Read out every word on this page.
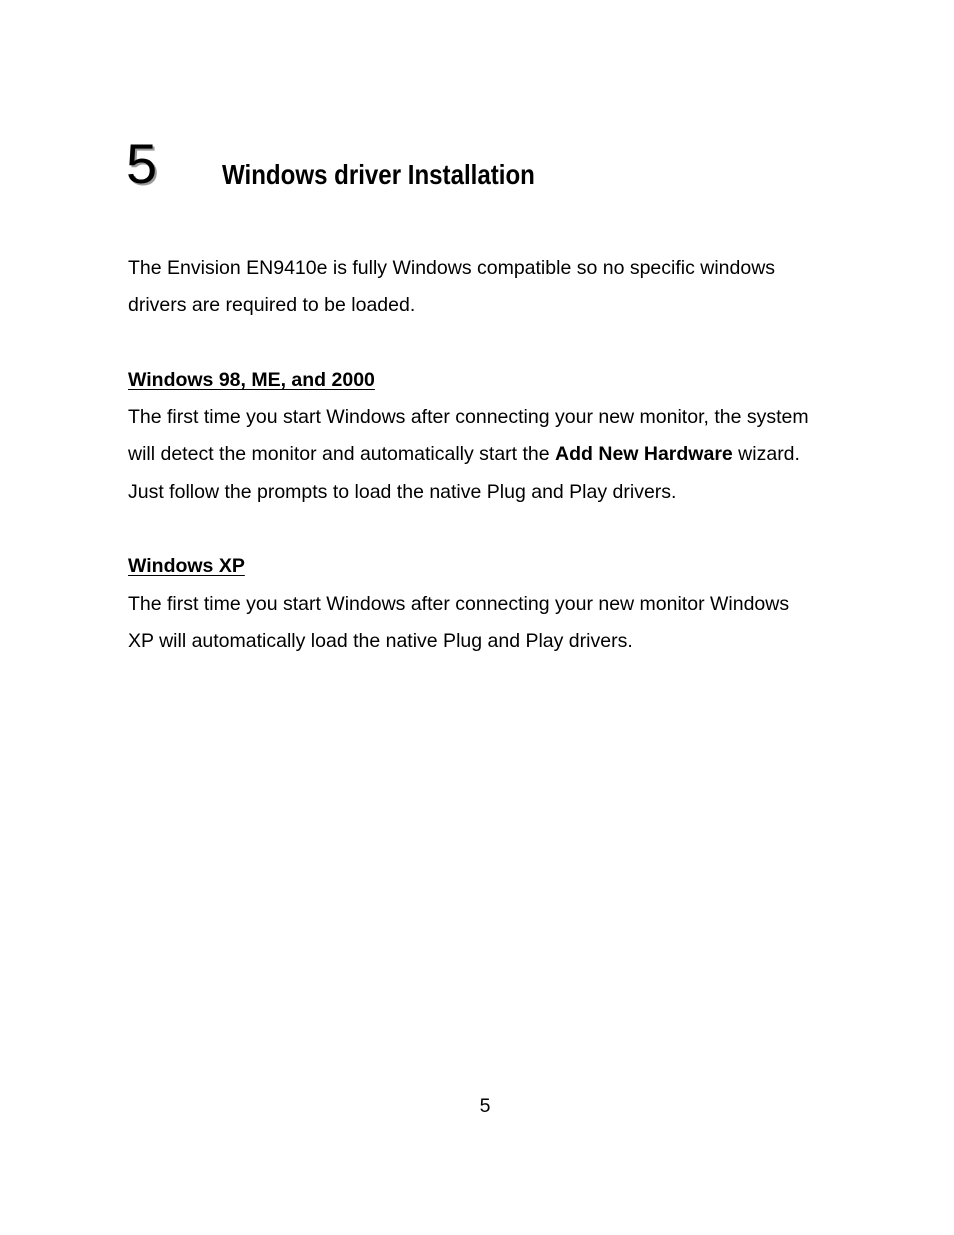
5 Windows driver Installation

The Envision EN9410e is fully Windows compatible so no specific windows

drivers are required to be loaded.

Windows 98, ME, and 2000

The first time you start Windows after connecting your new monitor, the system

will detect the monitor and automatically start the Add New Hardware wizard.

Just follow the prompts to load the native Plug and Play drivers.

Windows XP

The first time you start Windows after connecting your new monitor Windows

XP will automatically load the native Plug and Play drivers.

5
